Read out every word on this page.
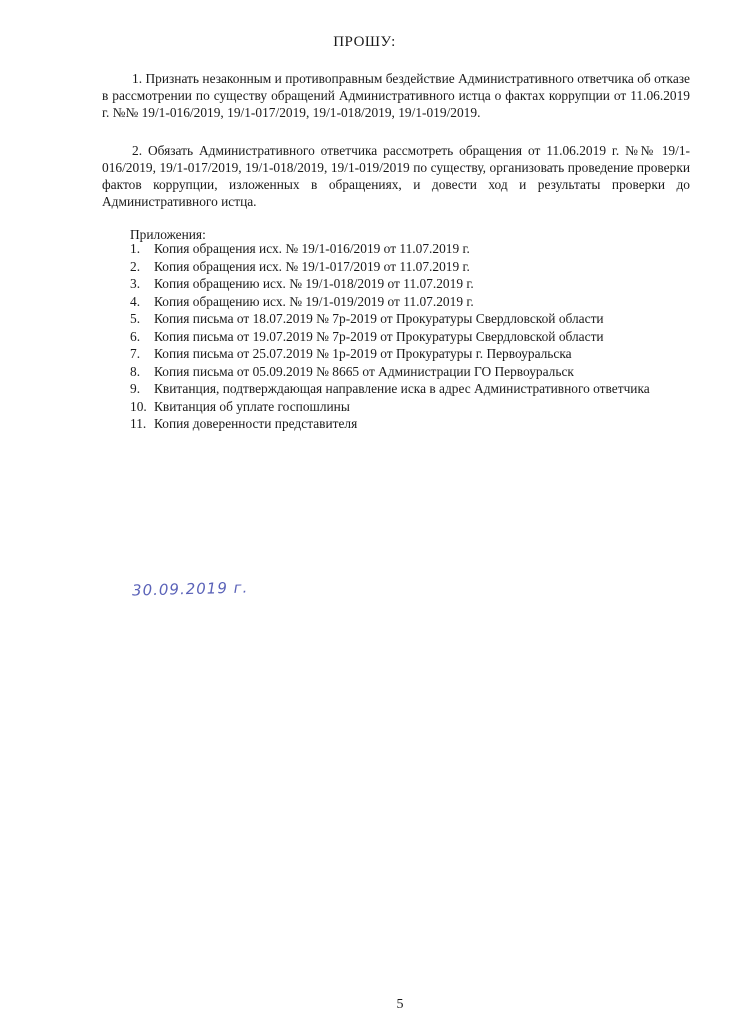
ПРОШУ:
1. Признать незаконным и противоправным бездействие Административного ответчика об отказе в рассмотрении по существу обращений Административного истца о фактах коррупции от 11.06.2019 г. №№ 19/1-016/2019, 19/1-017/2019, 19/1-018/2019, 19/1-019/2019.
2. Обязать Административного ответчика рассмотреть обращения от 11.06.2019 г. №№ 19/1-016/2019, 19/1-017/2019, 19/1-018/2019, 19/1-019/2019 по существу, организовать проведение проверки фактов коррупции, изложенных в обращениях, и довести ход и результаты проверки до Административного истца.
Приложения:
1.	Копия обращения исх. № 19/1-016/2019 от 11.07.2019 г.
2.	Копия обращения исх. № 19/1-017/2019 от 11.07.2019 г.
3.	Копия обращению исх. № 19/1-018/2019 от 11.07.2019 г.
4.	Копия обращению исх. № 19/1-019/2019 от 11.07.2019 г.
5.	Копия письма от 18.07.2019 № 7р-2019 от Прокуратуры Свердловской области
6.	Копия письма от 19.07.2019 № 7р-2019 от Прокуратуры Свердловской области
7.	Копия письма от 25.07.2019 № 1р-2019 от Прокуратуры г. Первоуральска
8.	Копия письма от 05.09.2019 № 8665 от Администрации ГО Первоуральск
9.	Квитанция, подтверждающая направление иска в адрес Административного ответчика
10. Квитанция об уплате госпошлины
11. Копия доверенности представителя
30.09.2019 г.
5
